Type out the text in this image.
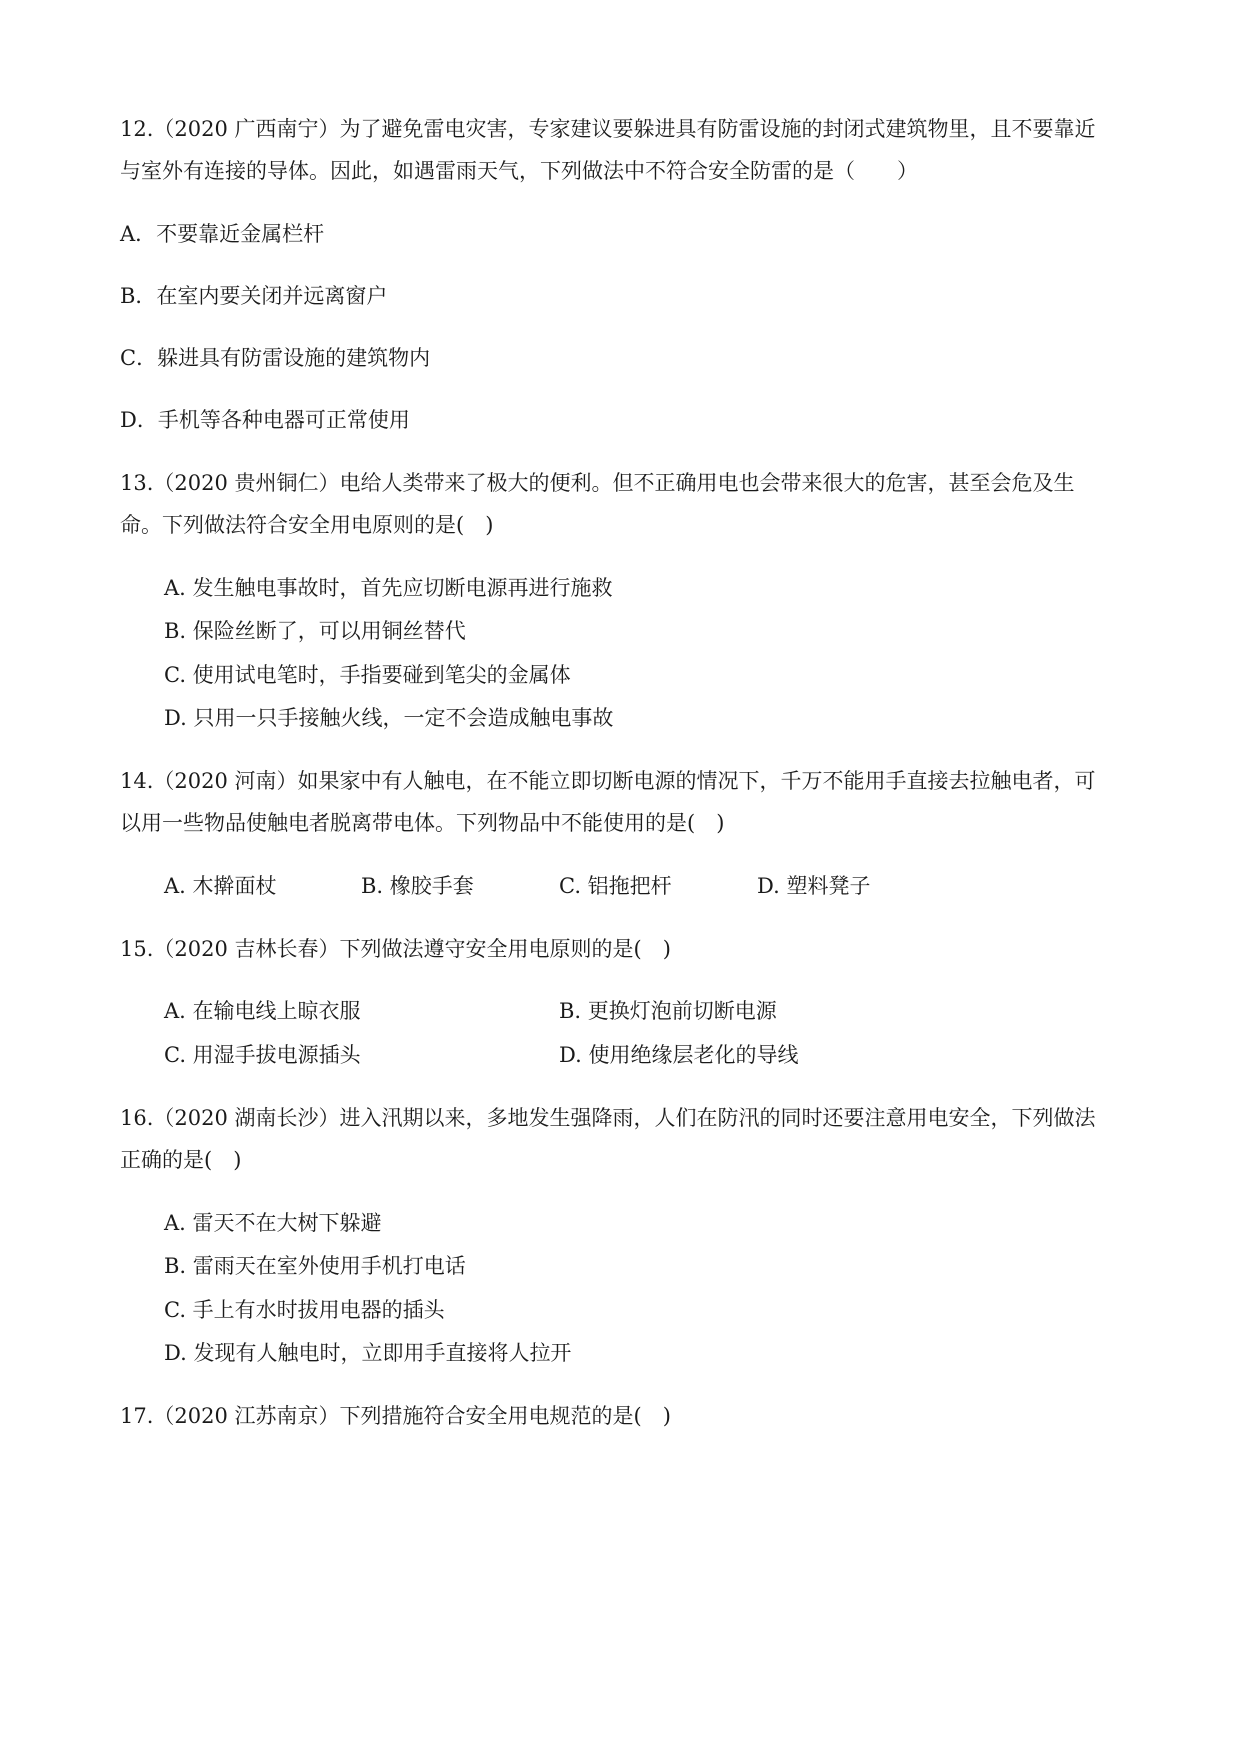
12.（2020 广西南宁）为了避免雷电灾害，专家建议要躲进具有防雷设施的封闭式建筑物里，且不要靠近
与室外有连接的导体。因此，如遇雷雨天气，下列做法中不符合安全防雷的是（　　）
A．不要靠近金属栏杆
B．在室内要关闭并远离窗户
C．躲进具有防雷设施的建筑物内
D．手机等各种电器可正常使用
13.（2020 贵州铜仁）电给人类带来了极大的便利。但不正确用电也会带来很大的危害，甚至会危及生
命。下列做法符合安全用电原则的是(　)
A. 发生触电事故时，首先应切断电源再进行施救
B. 保险丝断了，可以用铜丝替代
C. 使用试电笔时，手指要碰到笔尖的金属体
D. 只用一只手接触火线，一定不会造成触电事故
14.（2020 河南）如果家中有人触电，在不能立即切断电源的情况下，千万不能用手直接去拉触电者，可
以用一些物品使触电者脱离带电体。下列物品中不能使用的是(　)
A. 木擀面杖	B. 橡胶手套	C. 铝拖把杆	D. 塑料凳子
15.（2020 吉林长春）下列做法遵守安全用电原则的是(　)
A. 在输电线上晾衣服	B. 更换灯泡前切断电源
C. 用湿手拔电源插头	D. 使用绝缘层老化的导线
16.（2020 湖南长沙）进入汛期以来，多地发生强降雨，人们在防汛的同时还要注意用电安全，下列做法
正确的是(　)
A. 雷天不在大树下躲避
B. 雷雨天在室外使用手机打电话
C. 手上有水时拔用电器的插头
D. 发现有人触电时，立即用手直接将人拉开
17.（2020 江苏南京）下列措施符合安全用电规范的是(　)
